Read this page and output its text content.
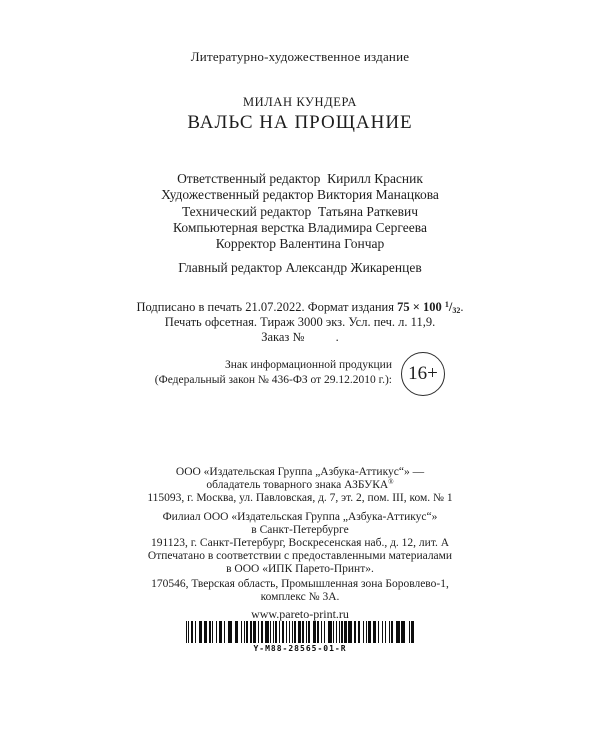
Литературно-художественное издание
МИЛАН КУНДЕРА
ВАЛЬС НА ПРОЩАНИЕ
Ответственный редактор  Кирилл Красник
Художественный редактор Виктория Манацкова
Технический редактор  Татьяна Раткевич
Компьютерная верстка Владимира Сергеева
Корректор Валентина Гончар
Главный редактор Александр Жикаренцев
Подписано в печать 21.07.2022. Формат издания 75 × 100 $^1/_{32}$.
Печать офсетная. Тираж 3000 экз. Усл. печ. л. 11,9.
Заказ №          .
Знак информационной продукции
(Федеральный закон № 436-ФЗ от 29.12.2010 г.): 16+
ООО «Издательская Группа „Азбука-Аттикус“» —
обладатель товарного знака АЗБУКА®
115093, г. Москва, ул. Павловская, д. 7, эт. 2, пом. III, ком. № 1
Филиал ООО «Издательская Группа „Азбука-Аттикус“»
в Санкт-Петербурге
191123, г. Санкт-Петербург, Воскресенская наб., д. 12, лит. А
Отпечатано в соответствии с предоставленными материалами
в ООО «ИПК Парето-Принт».
170546, Тверская область, Промышленная зона Боровлево-1,
комплекс № 3А.
www.pareto-print.ru
Y-M88-28565-01-R
